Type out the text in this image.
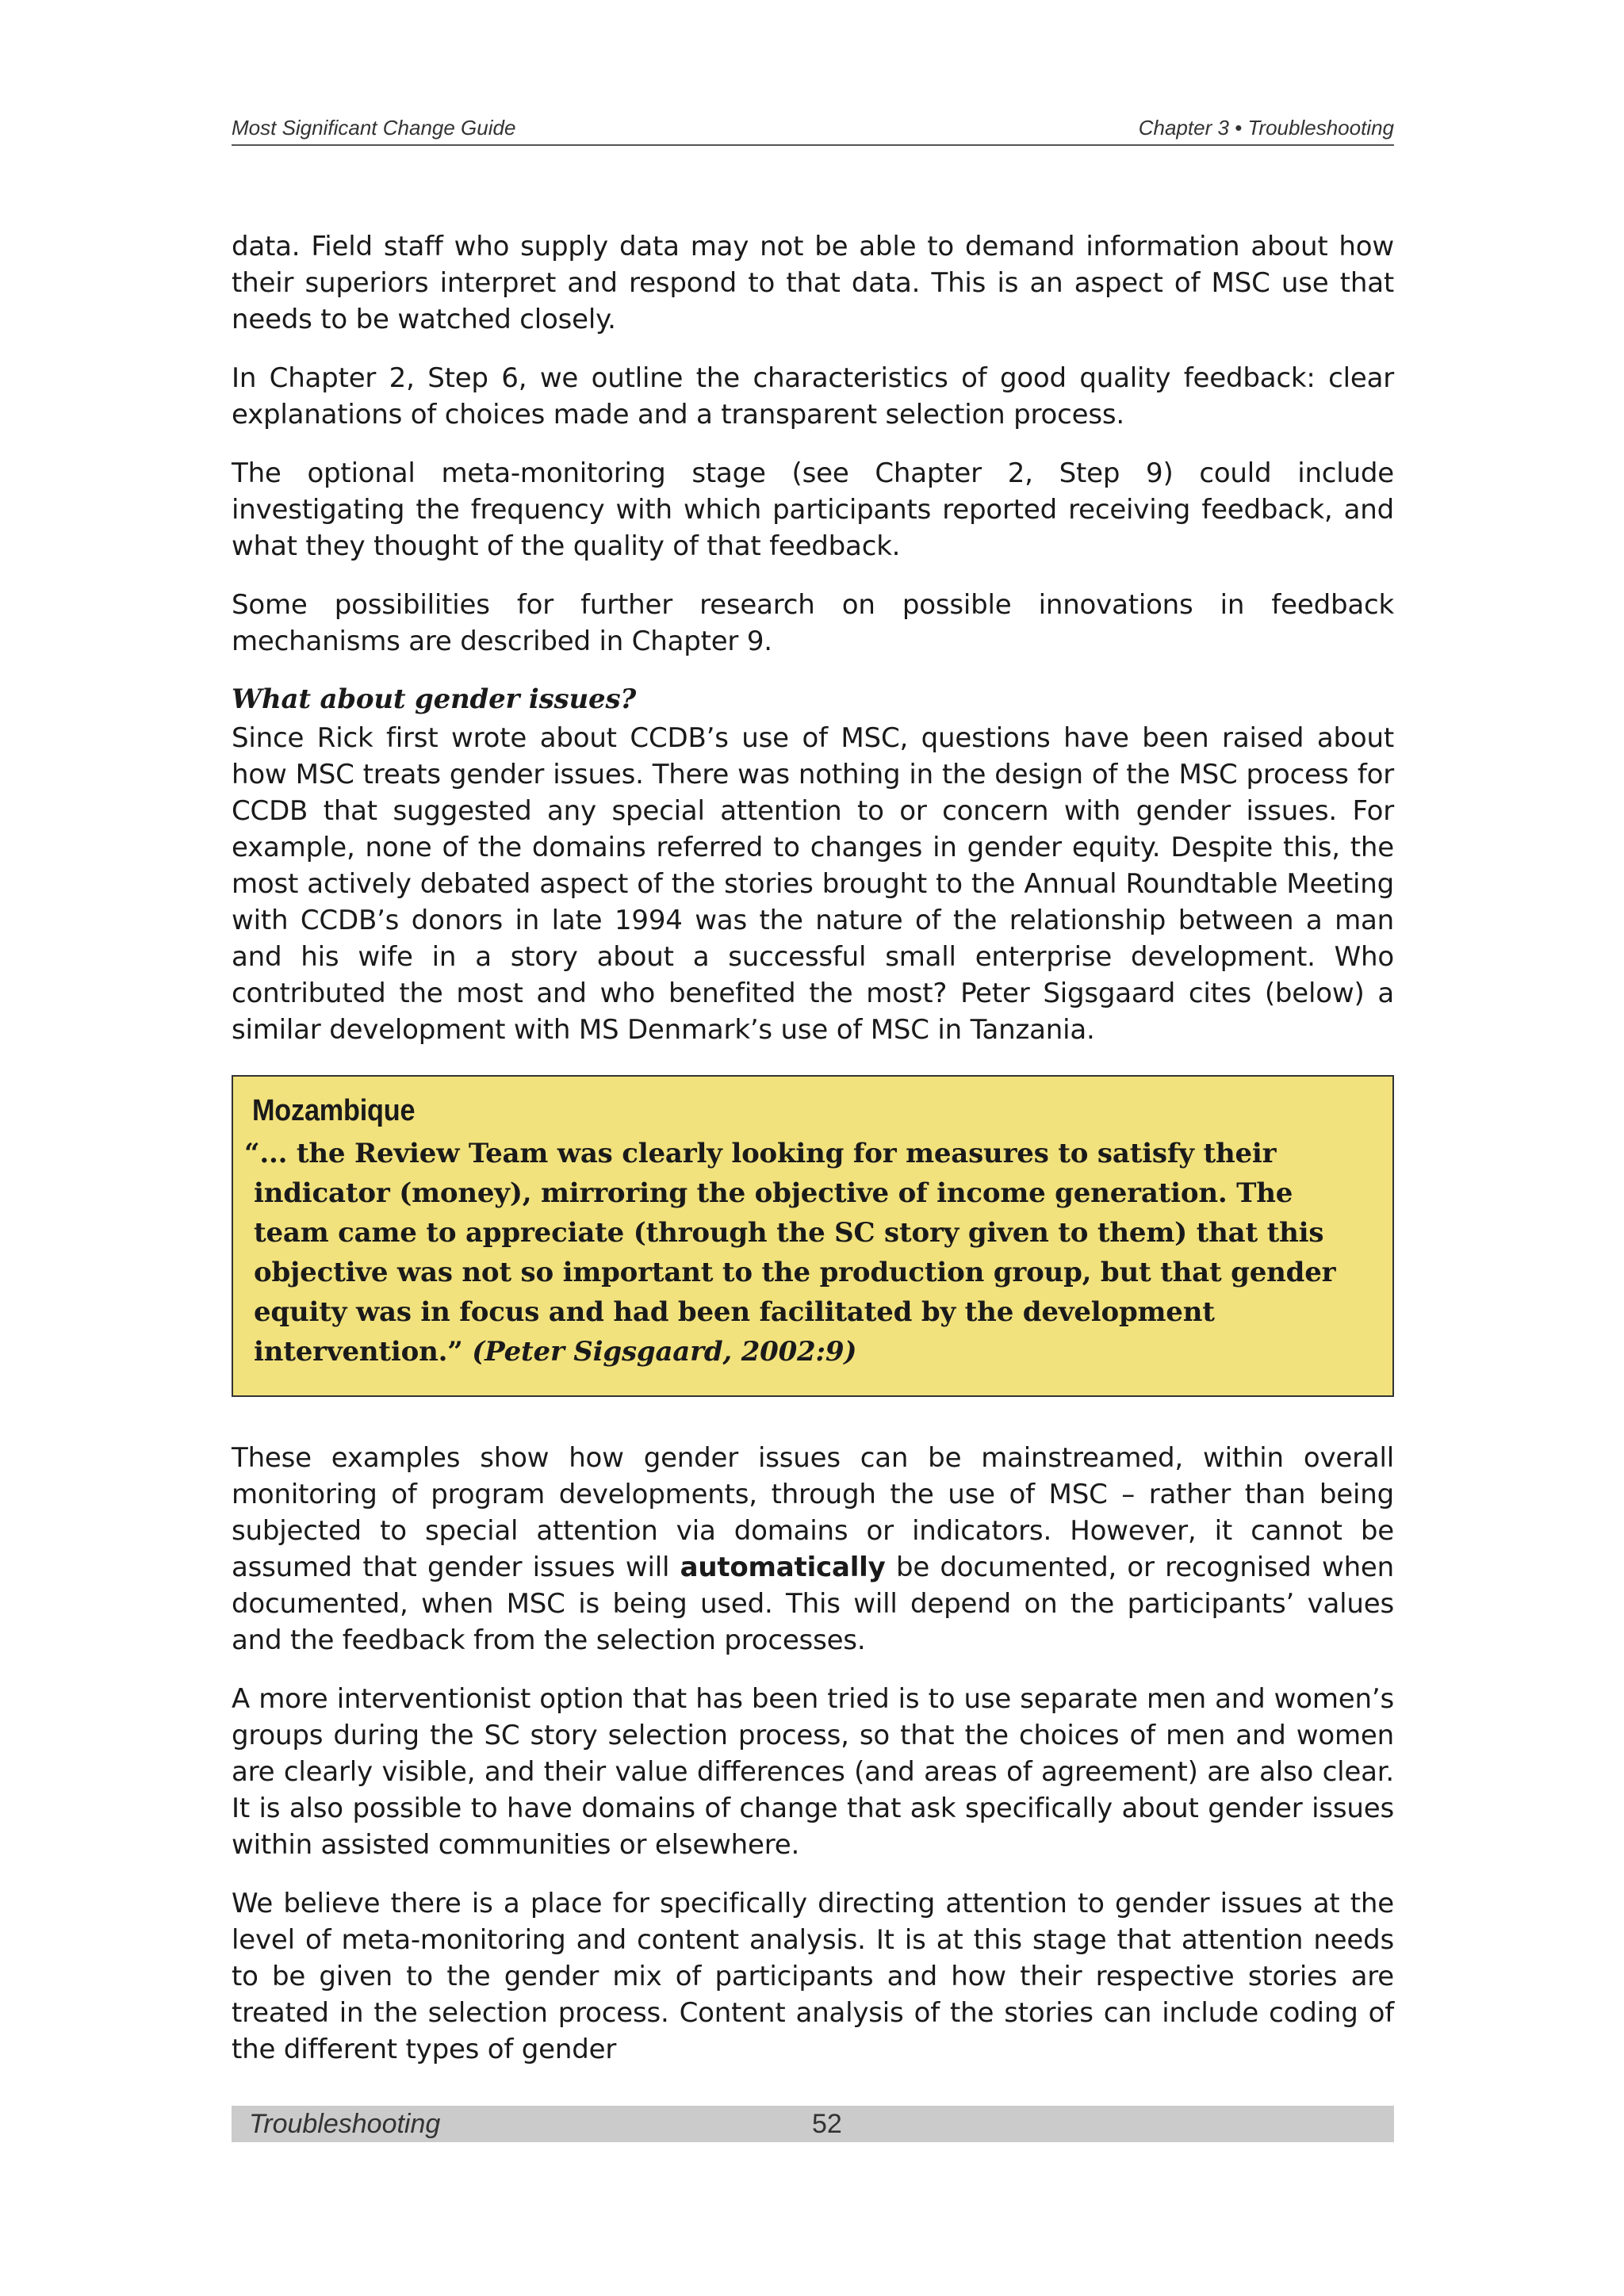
Most Significant Change Guide	Chapter 3 • Troubleshooting

data. Field staff who supply data may not be able to demand information about how their superiors interpret and respond to that data. This is an aspect of MSC use that needs to be watched closely.

In Chapter 2, Step 6, we outline the characteristics of good quality feedback: clear explanations of choices made and a transparent selection process.

The optional meta-monitoring stage (see Chapter 2, Step 9) could include investigating the frequency with which participants reported receiving feedback, and what they thought of the quality of that feedback.

Some possibilities for further research on possible innovations in feedback mechanisms are described in Chapter 9.

What about gender issues?

Since Rick first wrote about CCDB’s use of MSC, questions have been raised about how MSC treats gender issues. There was nothing in the design of the MSC process for CCDB that suggested any special attention to or concern with gender issues. For example, none of the domains referred to changes in gender equity. Despite this, the most actively debated aspect of the stories brought to the Annual Roundtable Meeting with CCDB’s donors in late 1994 was the nature of the relationship between a man and his wife in a story about a successful small enterprise development. Who contributed the most and who benefited the most? Peter Sigsgaard cites (below) a similar development with MS Denmark’s use of MSC in Tanzania.

Mozambique
“... the Review Team was clearly looking for measures to satisfy their indicator (money), mirroring the objective of income generation. The team came to appreciate (through the SC story given to them) that this objective was not so important to the production group, but that gender equity was in focus and had been facilitated by the development intervention.” (Peter Sigsgaard, 2002:9)

These examples show how gender issues can be mainstreamed, within overall monitoring of program developments, through the use of MSC – rather than being subjected to special attention via domains or indicators. However, it cannot be assumed that gender issues will automatically be documented, or recognised when documented, when MSC is being used. This will depend on the participants’ values and the feedback from the selection processes.

A more interventionist option that has been tried is to use separate men and women’s groups during the SC story selection process, so that the choices of men and women are clearly visible, and their value differences (and areas of agreement) are also clear. It is also possible to have domains of change that ask specifically about gender issues within assisted communities or elsewhere.

We believe there is a place for specifically directing attention to gender issues at the level of meta-monitoring and content analysis. It is at this stage that attention needs to be given to the gender mix of participants and how their respective stories are treated in the selection process. Content analysis of the stories can include coding of the different types of gender

Troubleshooting	52
